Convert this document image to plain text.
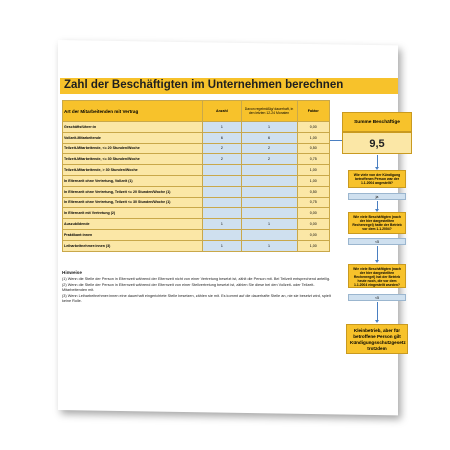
Zahl der Beschäftigten im Unternehmen berechnen
Art der Mitarbeitenden mit Vertrag	Anzahl	Davon regelmäßig/ dauerhaft, in den letzten 12-24 Monaten	Faktor
Geschäftsführer:in	1	1	0,00
Vollzeit-Mitarbeitende	6	6	1,00
Teilzeit-Mitarbeitende, <= 20 Stunden/Woche	2	2	0,50
Teilzeit-Mitarbeitende, <= 30 Stunden/Woche	2	2	0,75
Teilzeit-Mitarbeitende, > 30 Stunden/Woche			1,00
In Elternzeit ohne Vertretung, Vollzeit (1)			1,00
In Elternzeit ohne Vertretung, Teilzeit <= 20 Stunden/Woche (1)			0,50
In Elternzeit ohne Vertretung, Teilzeit <= 30 Stunden/Woche (1)			0,75
In Elternzeit mit Vertretung (2)			0,00
Auszubildende	1	1	0,00
Praktikant:innen			0,00
Leiharbeitnehmer:innen (3)	1	1	1,00
Summe Beschäftige
9,5
Wie viele von der Kündigung betroffenen Person war der 1.1.2004 angestellt?
ja
Wie viele Beschäftigten (nach der hier dargestellten Rechenregel) hatte der Betrieb vor dem 1.1.2004?
<5
Wie viele Beschäftigten (nach der hier dargestellten Rechenregel) hat der Betrieb heute noch, die vor dem 1.1.2004 eingestellt wurden?
<5
Kleinbetrieb, aber für betroffene Person gilt Kündigungsschutzgesetz trotzdem
Hinweise
(1) Wenn die Stelle der Person in Elternzeit während der Elternzeit nicht von einer Vertretung besetzt ist, zählt die Person mit. Bei Teilzeit entsprechend anteilig.
(2) Wenn die Stelle der Person in Elternzeit während der Elternzeit von einer Stellvertretung besetzt ist, zählen Sie diese bei den Vollzeit- oder Teilzeit-Mitarbeitenden mit.
(3) Wenn Leiharbeitnehmer:innen eine dauerhaft eingerichtete Stelle besetzen, zählen sie mit. Es kommt auf die dauerhafte Stelle an, nie sie besetzt wird, spielt keine Rolle.
